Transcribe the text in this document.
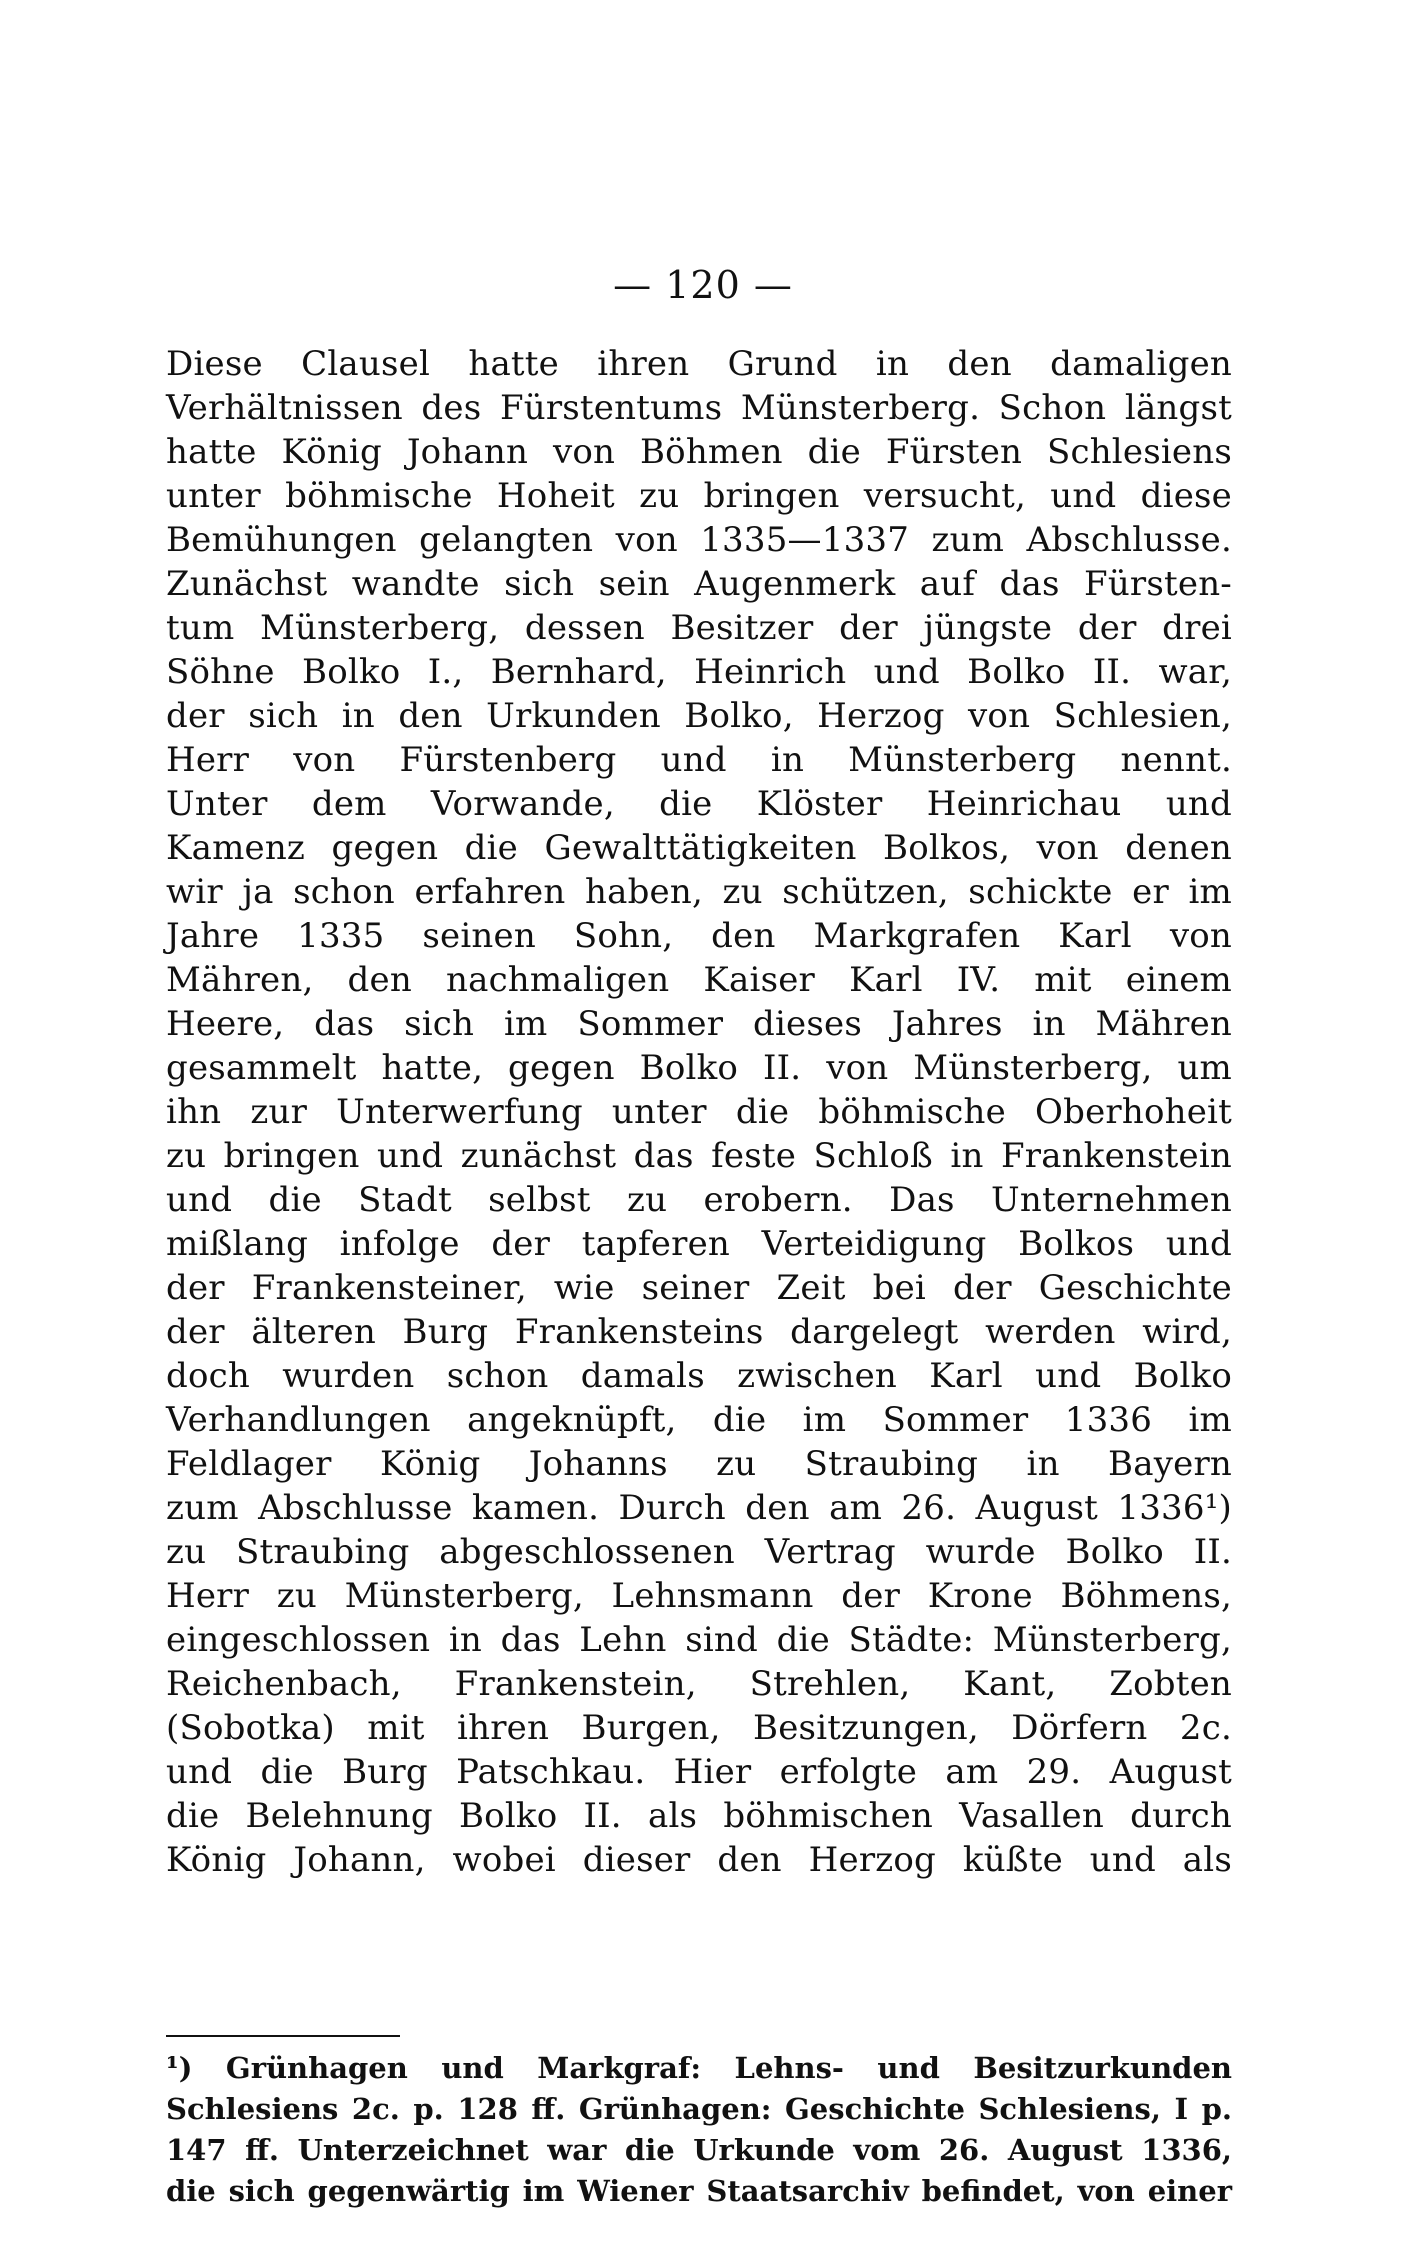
— 120 —
Diese Clausel hatte ihren Grund in den damaligen
Verhältnissen des Fürstentums Münsterberg. Schon längst
hatte König Johann von Böhmen die Fürsten Schlesiens
unter böhmische Hoheit zu bringen versucht, und diese
Bemühungen gelangten von 1335—1337 zum Abschlusse.
Zunächst wandte sich sein Augenmerk auf das Fürsten-
tum Münsterberg, dessen Besitzer der jüngste der drei
Söhne Bolko I., Bernhard, Heinrich und Bolko II. war,
der sich in den Urkunden Bolko, Herzog von Schlesien,
Herr von Fürstenberg und in Münsterberg nennt.
Unter dem Vorwande, die Klöster Heinrichau und
Kamenz gegen die Gewalttätigkeiten Bolkos, von denen
wir ja schon erfahren haben, zu schützen, schickte er im
Jahre 1335 seinen Sohn, den Markgrafen Karl von
Mähren, den nachmaligen Kaiser Karl IV. mit einem
Heere, das sich im Sommer dieses Jahres in Mähren
gesammelt hatte, gegen Bolko II. von Münsterberg, um
ihn zur Unterwerfung unter die böhmische Oberhoheit
zu bringen und zunächst das feste Schloß in Frankenstein
und die Stadt selbst zu erobern. Das Unternehmen
mißlang infolge der tapferen Verteidigung Bolkos und
der Frankensteiner, wie seiner Zeit bei der Geschichte
der älteren Burg Frankensteins dargelegt werden wird,
doch wurden schon damals zwischen Karl und Bolko
Verhandlungen angeknüpft, die im Sommer 1336 im
Feldlager König Johanns zu Straubing in Bayern
zum Abschlusse kamen. Durch den am 26. August 1336¹)
zu Straubing abgeschlossenen Vertrag wurde Bolko II.
Herr zu Münsterberg, Lehnsmann der Krone Böhmens,
eingeschlossen in das Lehn sind die Städte: Münsterberg,
Reichenbach, Frankenstein, Strehlen, Kant, Zobten
(Sobotka) mit ihren Burgen, Besitzungen, Dörfern 2c.
und die Burg Patschkau. Hier erfolgte am 29. August
die Belehnung Bolko II. als böhmischen Vasallen durch
König Johann, wobei dieser den Herzog küßte und als
¹) Grünhagen und Markgraf: Lehns- und Besitzurkunden
Schlesiens 2c. p. 128 ff. Grünhagen: Geschichte Schlesiens, I p.
147 ff. Unterzeichnet war die Urkunde vom 26. August 1336,
die sich gegenwärtig im Wiener Staatsarchiv befindet, von einer
